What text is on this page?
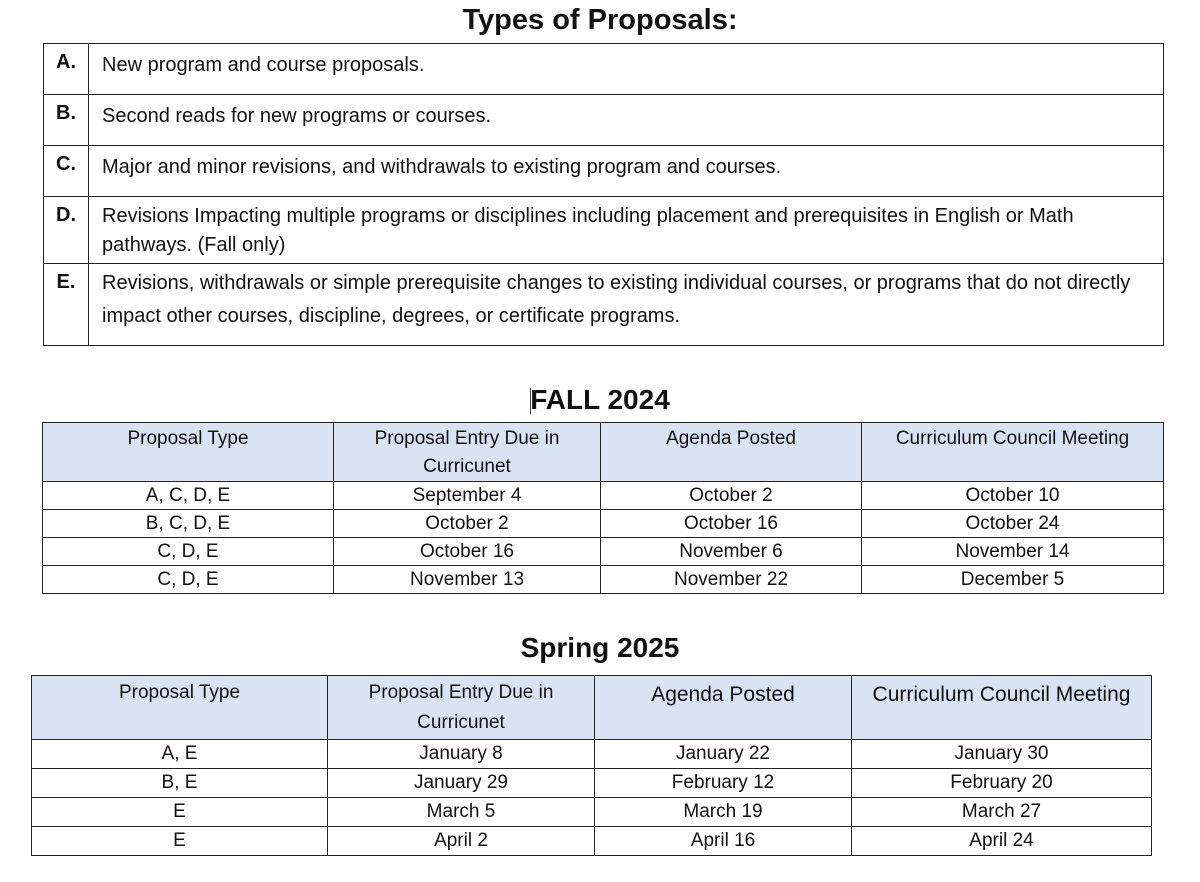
Types of Proposals:
A.	New program and course proposals.
B.	Second reads for new programs or courses.
C.	Major and minor revisions, and withdrawals to existing program and courses.
D.	Revisions Impacting multiple programs or disciplines including placement and prerequisites in English or Math pathways. (Fall only)
E.	Revisions, withdrawals or simple prerequisite changes to existing individual courses, or programs that do not directly impact other courses, discipline, degrees, or certificate programs.
FALL 2024
Proposal Type	Proposal Entry Due in Curricunet	Agenda Posted	Curriculum Council Meeting
A, C, D, E	September 4	October 2	October 10
B, C, D, E	October 2	October 16	October 24
C, D, E	October 16	November 6	November 14
C, D, E	November 13	November 22	December 5
Spring 2025
Proposal Type	Proposal Entry Due in Curricunet	Agenda Posted	Curriculum Council Meeting
A, E	January 8	January 22	January 30
B, E	January 29	February 12	February 20
E	March 5	March 19	March 27
E	April 2	April 16	April 24
